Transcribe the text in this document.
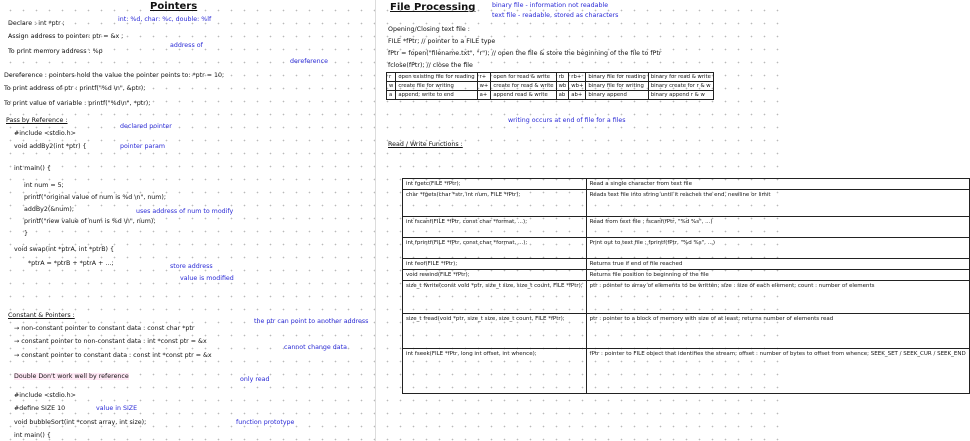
Pointers
Declare : int *ptr ;
Assign address to pointer: ptr = &x ;
To print memory address : %p
int: %d, char: %c, double: %lf
address of
dereference
Dereference : pointers hold the value the pointer points to: *ptr = 10;
To print address of ptr : printf("%d \n", &ptr);
To print value of variable : printf("%d\n", *ptr);
Pass by Reference :
#include <stdio.h>
void addBy2(int *ptr) {
declared pointer
pointer param
int main() {
int num = 5;
printf("original value of num is %d \n", num);
addBy2(&num);
printf("new value of num is %d \n", num);
}
uses address of num to modify
void swap(int *ptrA, int *ptrB) {
*ptrA = *ptrB + *ptrA + ...;	store address
value is modified
Constant & Pointers :
→ non-constant pointer to constant data : const char *ptr
→ constant pointer to non-constant data : int *const ptr = &x
→ constant pointer to constant data : const int *const ptr = &x
the ptr can point to another address
cannot change data
Double Don't work well by reference	only read
#include <stdio.h>
#define SIZE 10
void bubbleSort(int *const array, int size);
int main() {
value in SIZE
function prototype
File Processing	binary file - information not readable
text file - readable, stored as characters
Opening/Closing text file :
FILE *fPtr; // pointer to a FILE type
fPtr = fopen("filename.txt", "r"); // open the file & store the beginning of the file to fPtr
fclose(fPtr); // close the file
r	open existing file for reading	r+	open for read & write	rb	rb+	binary file for reading	binary for read & write
w	create file for writing	w+	create for read & write	wb	wb+	binary file for writing	binary create for r & w
a	append; write to end	a+	append read & write	ab	ab+	binary append	binary append r & w
writing occurs at end of file for a files
Read / Write Functions :
int fgetc(FILE *fPtr);	Read a single character from text file
char *fgets(char *str, int num, FILE *fPtr);	Reads text file into string until it reaches the end, newline or limit
int fscanf(FILE *fPtr, const char *format, ...);	Read from text file ; fscanf(fPtr, "%d %s", ...)
int fprintf(FILE *fPtr, const char *format, ...);	Print out to text file ; fprintf(fPtr, "%d %s", ...)
int feof(FILE *fPtr);	Returns true if end of file reached
void rewind(FILE *fPtr);	Returns file position to beginning of the file
size_t fwrite(const void *ptr, size_t size, size_t count, FILE *fPtr);	ptr : pointer to array of elements to be written; size : size of each element; count : number of elements
size_t fread(void *ptr, size_t size, size_t count, FILE *fPtr);	ptr : pointer to a block of memory with size of at least; returns number of elements read
int fseek(FILE *fPtr, long int offset, int whence);	fPtr : pointer to FILE object that identifies the stream; offset : number of bytes to offset from whence; SEEK_SET / SEEK_CUR / SEEK_END
